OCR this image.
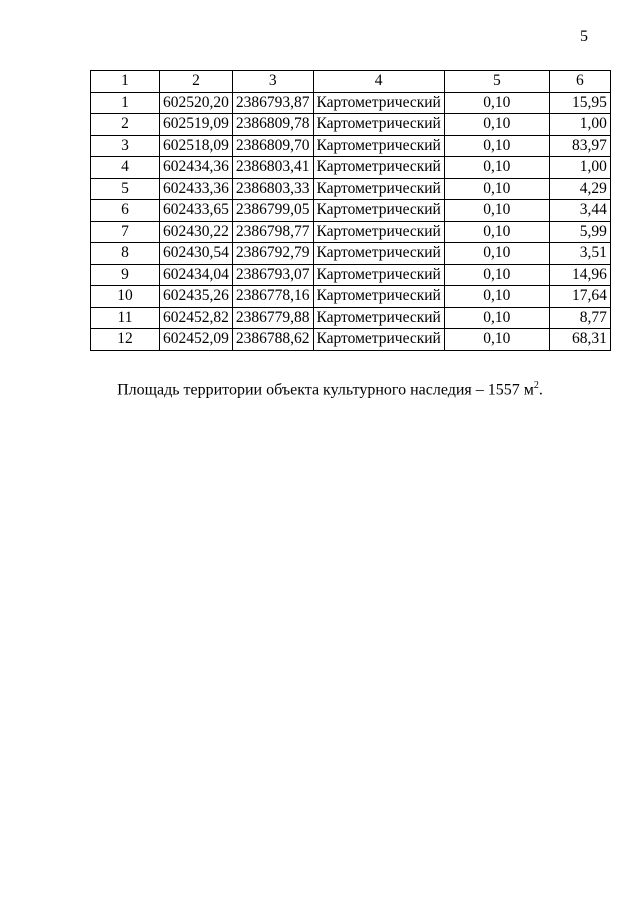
5
1	2	3	4	5	6
1	602520,20	2386793,87	Картометрический	0,10	15,95
2	602519,09	2386809,78	Картометрический	0,10	1,00
3	602518,09	2386809,70	Картометрический	0,10	83,97
4	602434,36	2386803,41	Картометрический	0,10	1,00
5	602433,36	2386803,33	Картометрический	0,10	4,29
6	602433,65	2386799,05	Картометрический	0,10	3,44
7	602430,22	2386798,77	Картометрический	0,10	5,99
8	602430,54	2386792,79	Картометрический	0,10	3,51
9	602434,04	2386793,07	Картометрический	0,10	14,96
10	602435,26	2386778,16	Картометрический	0,10	17,64
11	602452,82	2386779,88	Картометрический	0,10	8,77
12	602452,09	2386788,62	Картометрический	0,10	68,31
Площадь территории объекта культурного наследия – 1557 $м^2$.
